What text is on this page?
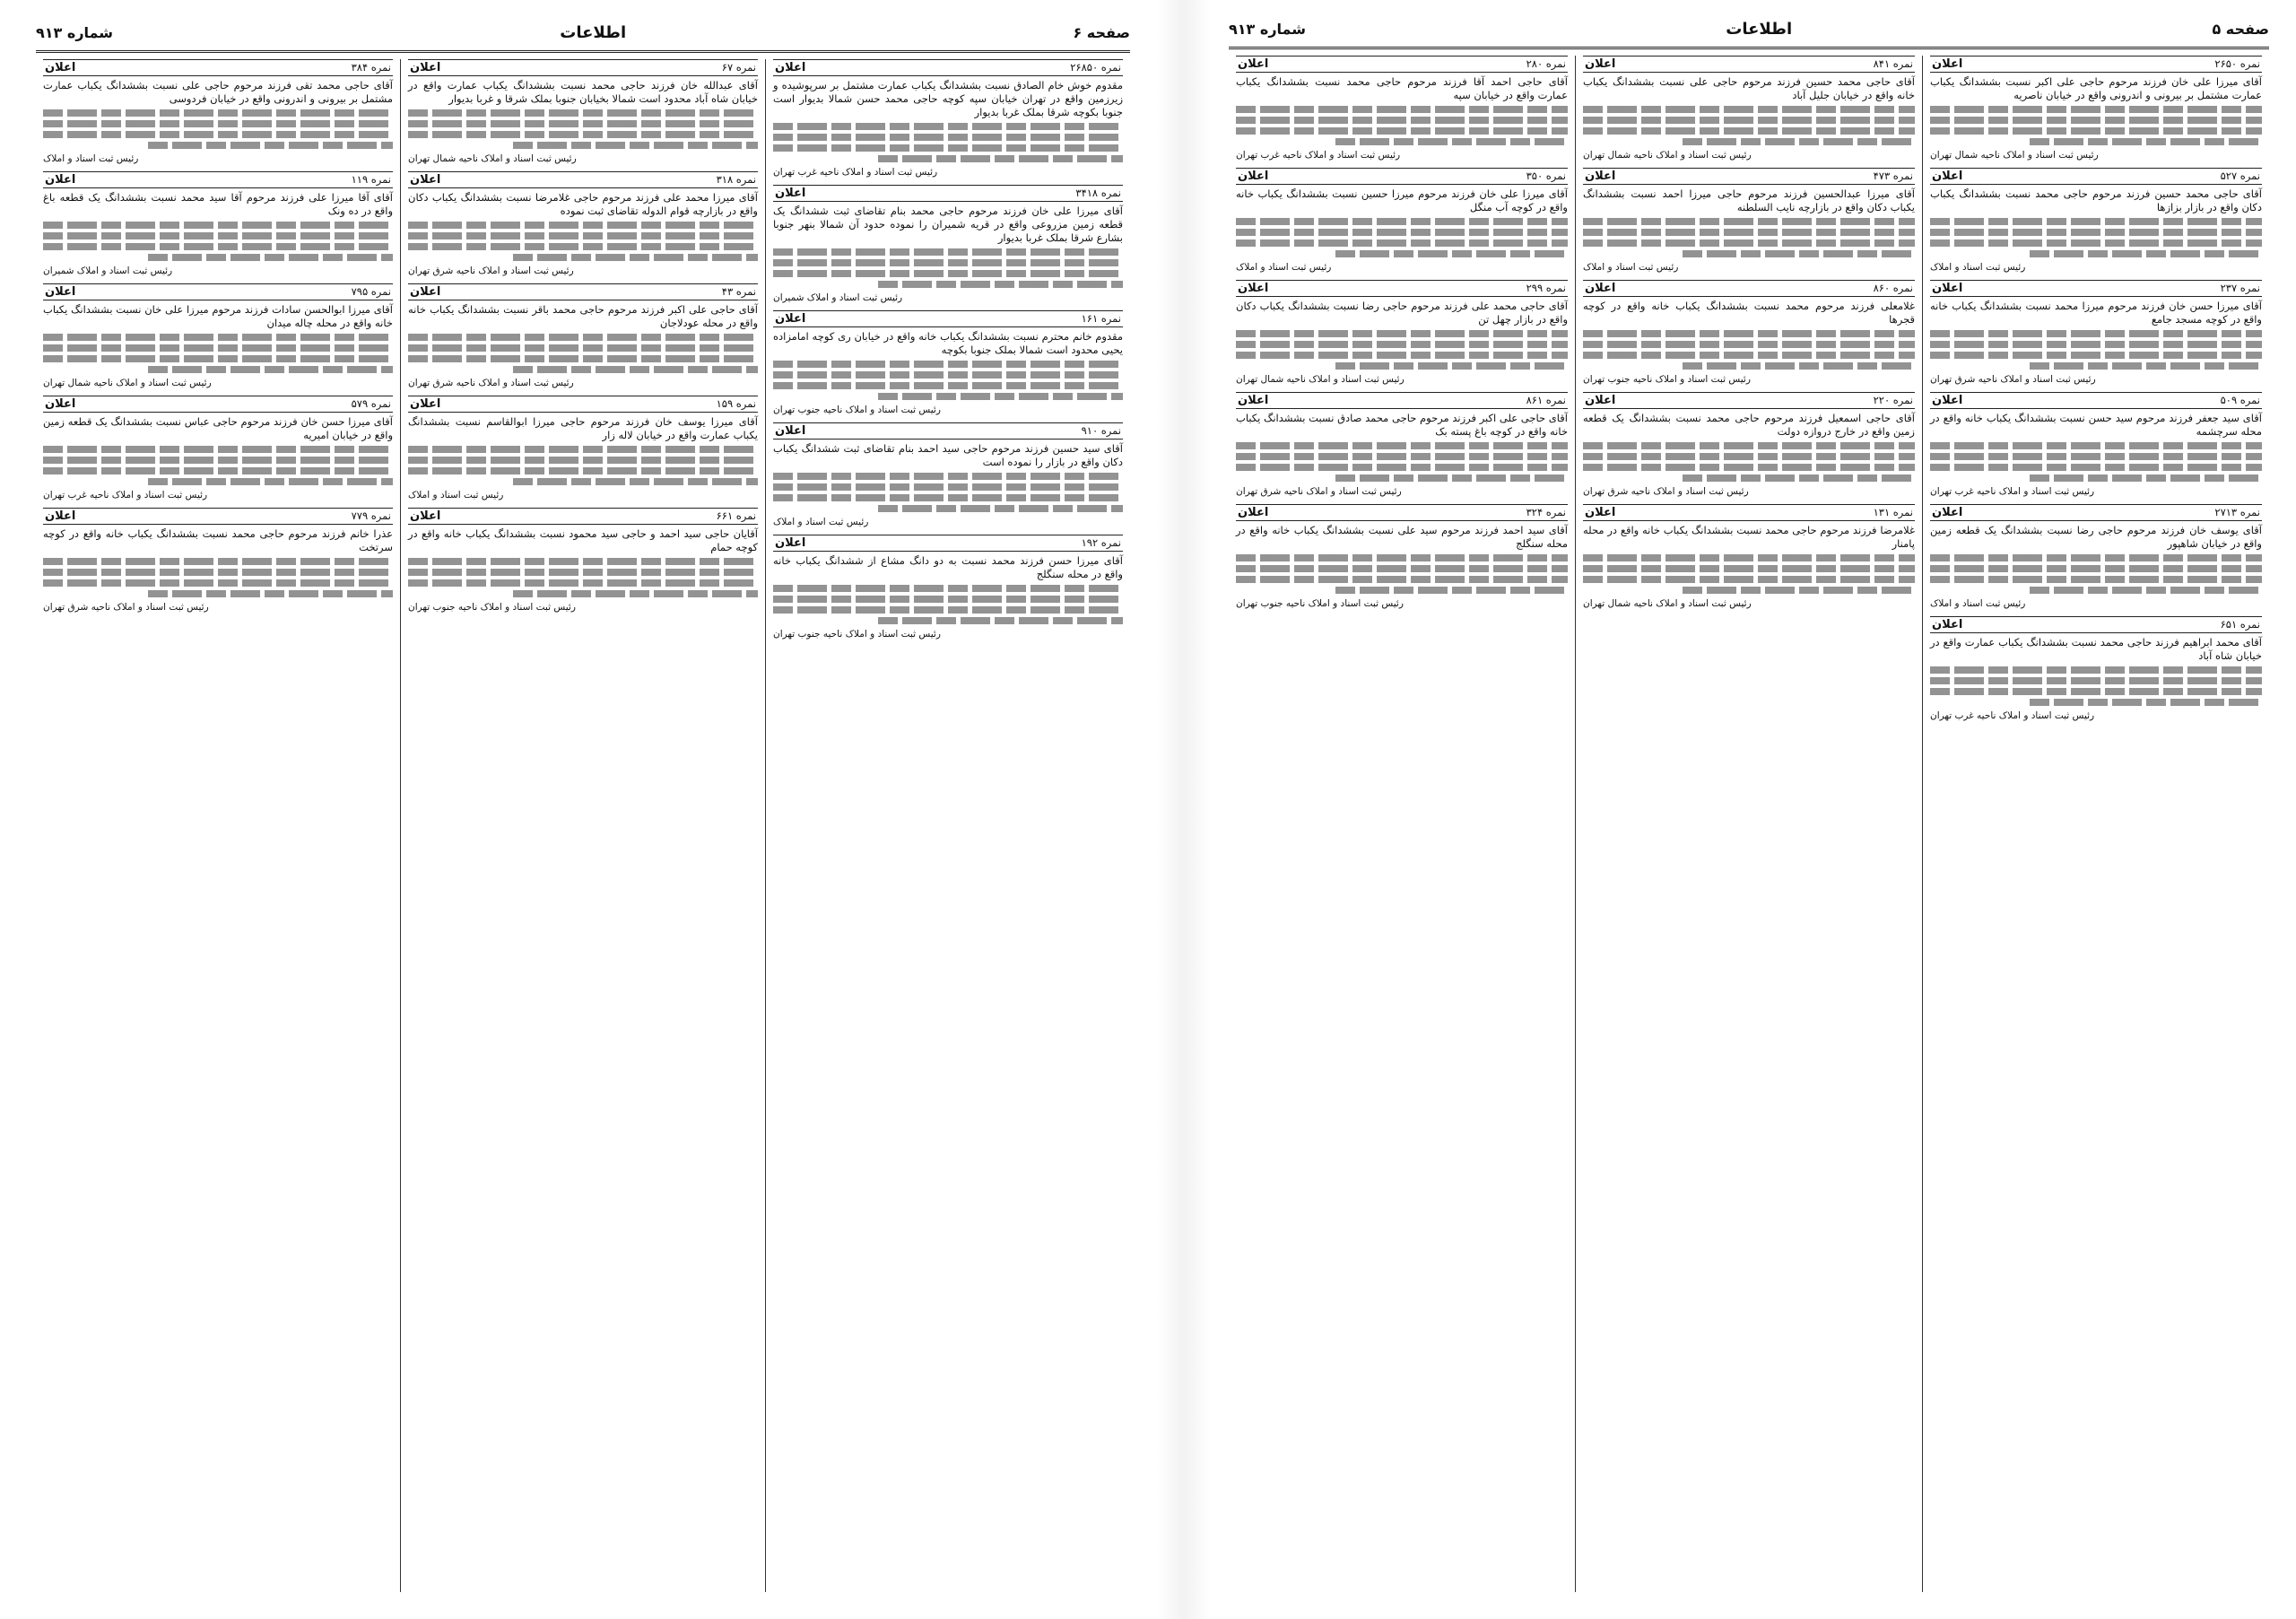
صفحه ۶
اطلاعات
شماره ۹۱۳
نمره ۲۶۸۵۰
اعلان
مقدوم خوش خام الصادق نسبت بششدانگ یکباب عمارت مشتمل بر سرپوشیده و زیرزمین واقع در تهران خیابان سپه کوچه حاجی محمد حسن شمالا بدیوار است جنوبا بکوچه شرقا بملک غربا بدیوار
رئیس ثبت اسناد و املاک ناحیه غرب تهران
نمره ۳۴۱۸
اعلان
آقای میرزا علی خان فرزند مرحوم حاجی محمد بنام تقاضای ثبت ششدانگ یک قطعه زمین مزروعی واقع در قریه شمیران را نموده حدود آن شمالا بنهر جنوبا بشارع شرقا بملک غربا بدیوار
رئیس ثبت اسناد و املاک شمیران
نمره ۱۶۱
اعلان
مقدوم خانم محترم نسبت بششدانگ یکباب خانه واقع در خیابان ری کوچه امامزاده یحیی محدود است شمالا بملک جنوبا بکوچه
رئیس ثبت اسناد و املاک ناحیه جنوب تهران
نمره ۹۱۰
اعلان
آقای سید حسین فرزند مرحوم حاجی سید احمد بنام تقاضای ثبت ششدانگ یکباب دکان واقع در بازار را نموده است
رئیس ثبت اسناد و املاک
نمره ۱۹۲
اعلان
آقای میرزا حسن فرزند محمد نسبت به دو دانگ مشاع از ششدانگ یکباب خانه واقع در محله سنگلج
رئیس ثبت اسناد و املاک ناحیه جنوب تهران
نمره ۶۷
اعلان
آقای عبدالله خان فرزند حاجی محمد نسبت بششدانگ یکباب عمارت واقع در خیابان شاه آباد محدود است شمالا بخیابان جنوبا بملک شرقا و غربا بدیوار
رئیس ثبت اسناد و املاک ناحیه شمال تهران
نمره ۳۱۸
اعلان
آقای میرزا محمد علی فرزند مرحوم حاجی غلامرضا نسبت بششدانگ یکباب دکان واقع در بازارچه قوام الدوله تقاضای ثبت نموده
رئیس ثبت اسناد و املاک ناحیه شرق تهران
نمره ۴۳
اعلان
آقای حاجی علی اکبر فرزند مرحوم حاجی محمد باقر نسبت بششدانگ یکباب خانه واقع در محله عودلاجان
رئیس ثبت اسناد و املاک ناحیه شرق تهران
نمره ۱۵۹
اعلان
آقای میرزا یوسف خان فرزند مرحوم حاجی میرزا ابوالقاسم نسبت بششدانگ یکباب عمارت واقع در خیابان لاله زار
رئیس ثبت اسناد و املاک
نمره ۶۶۱
اعلان
آقایان حاجی سید احمد و حاجی سید محمود نسبت بششدانگ یکباب خانه واقع در کوچه حمام
رئیس ثبت اسناد و املاک ناحیه جنوب تهران
نمره ۳۸۴
اعلان
آقای حاجی محمد تقی فرزند مرحوم حاجی علی نسبت بششدانگ یکباب عمارت مشتمل بر بیرونی و اندرونی واقع در خیابان فردوسی
رئیس ثبت اسناد و املاک
نمره ۱۱۹
اعلان
آقای آقا میرزا علی فرزند مرحوم آقا سید محمد نسبت بششدانگ یک قطعه باغ واقع در ده ونک
رئیس ثبت اسناد و املاک شمیران
نمره ۷۹۵
اعلان
آقای میرزا ابوالحسن سادات فرزند مرحوم میرزا علی خان نسبت بششدانگ یکباب خانه واقع در محله چاله میدان
رئیس ثبت اسناد و املاک ناحیه شمال تهران
نمره ۵۷۹
اعلان
آقای میرزا حسن خان فرزند مرحوم حاجی عباس نسبت بششدانگ یک قطعه زمین واقع در خیابان امیریه
رئیس ثبت اسناد و املاک ناحیه غرب تهران
نمره ۷۷۹
اعلان
عذرا خانم فرزند مرحوم حاجی محمد نسبت بششدانگ یکباب خانه واقع در کوچه سرتخت
رئیس ثبت اسناد و املاک ناحیه شرق تهران
صفحه ۵
اطلاعات
شماره ۹۱۳
نمره ۲۶۵۰
اعلان
آقای میرزا علی خان فرزند مرحوم حاجی علی اکبر نسبت بششدانگ یکباب عمارت مشتمل بر بیرونی و اندرونی واقع در خیابان ناصریه
رئیس ثبت اسناد و املاک ناحیه شمال تهران
نمره ۵۲۷
اعلان
آقای حاجی محمد حسین فرزند مرحوم حاجی محمد نسبت بششدانگ یکباب دکان واقع در بازار بزازها
رئیس ثبت اسناد و املاک
نمره ۲۳۷
اعلان
آقای میرزا حسن خان فرزند مرحوم میرزا محمد نسبت بششدانگ یکباب خانه واقع در کوچه مسجد جامع
رئیس ثبت اسناد و املاک ناحیه شرق تهران
نمره ۵۰۹
اعلان
آقای سید جعفر فرزند مرحوم سید حسن نسبت بششدانگ یکباب خانه واقع در محله سرچشمه
رئیس ثبت اسناد و املاک ناحیه غرب تهران
نمره ۲۷۱۳
اعلان
آقای یوسف خان فرزند مرحوم حاجی رضا نسبت بششدانگ یک قطعه زمین واقع در خیابان شاهپور
رئیس ثبت اسناد و املاک
نمره ۶۵۱
اعلان
آقای محمد ابراهیم فرزند حاجی محمد نسبت بششدانگ یکباب عمارت واقع در خیابان شاه آباد
رئیس ثبت اسناد و املاک ناحیه غرب تهران
نمره ۸۴۱
اعلان
آقای حاجی محمد حسین فرزند مرحوم حاجی علی نسبت بششدانگ یکباب خانه واقع در خیابان جلیل آباد
رئیس ثبت اسناد و املاک ناحیه شمال تهران
نمره ۴۷۳
اعلان
آقای میرزا عبدالحسین فرزند مرحوم حاجی میرزا احمد نسبت بششدانگ یکباب دکان واقع در بازارچه نایب السلطنه
رئیس ثبت اسناد و املاک
نمره ۸۶۰
اعلان
غلامعلی فرزند مرحوم محمد نسبت بششدانگ یکباب خانه واقع در کوچه قجرها
رئیس ثبت اسناد و املاک ناحیه جنوب تهران
نمره ۲۲۰
اعلان
آقای حاجی اسمعیل فرزند مرحوم حاجی محمد نسبت بششدانگ یک قطعه زمین واقع در خارج دروازه دولت
رئیس ثبت اسناد و املاک ناحیه شرق تهران
نمره ۱۳۱
اعلان
غلامرضا فرزند مرحوم حاجی محمد نسبت بششدانگ یکباب خانه واقع در محله پامنار
رئیس ثبت اسناد و املاک ناحیه شمال تهران
نمره ۲۸۰
اعلان
آقای حاجی احمد آقا فرزند مرحوم حاجی محمد نسبت بششدانگ یکباب عمارت واقع در خیابان سپه
رئیس ثبت اسناد و املاک ناحیه غرب تهران
نمره ۳۵۰
اعلان
آقای میرزا علی خان فرزند مرحوم میرزا حسین نسبت بششدانگ یکباب خانه واقع در کوچه آب منگل
رئیس ثبت اسناد و املاک
نمره ۲۹۹
اعلان
آقای حاجی محمد علی فرزند مرحوم حاجی رضا نسبت بششدانگ یکباب دکان واقع در بازار چهل تن
رئیس ثبت اسناد و املاک ناحیه شمال تهران
نمره ۸۶۱
اعلان
آقای حاجی علی اکبر فرزند مرحوم حاجی محمد صادق نسبت بششدانگ یکباب خانه واقع در کوچه باغ پسته بک
رئیس ثبت اسناد و املاک ناحیه شرق تهران
نمره ۳۲۴
اعلان
آقای سید احمد فرزند مرحوم سید علی نسبت بششدانگ یکباب خانه واقع در محله سنگلج
رئیس ثبت اسناد و املاک ناحیه جنوب تهران
